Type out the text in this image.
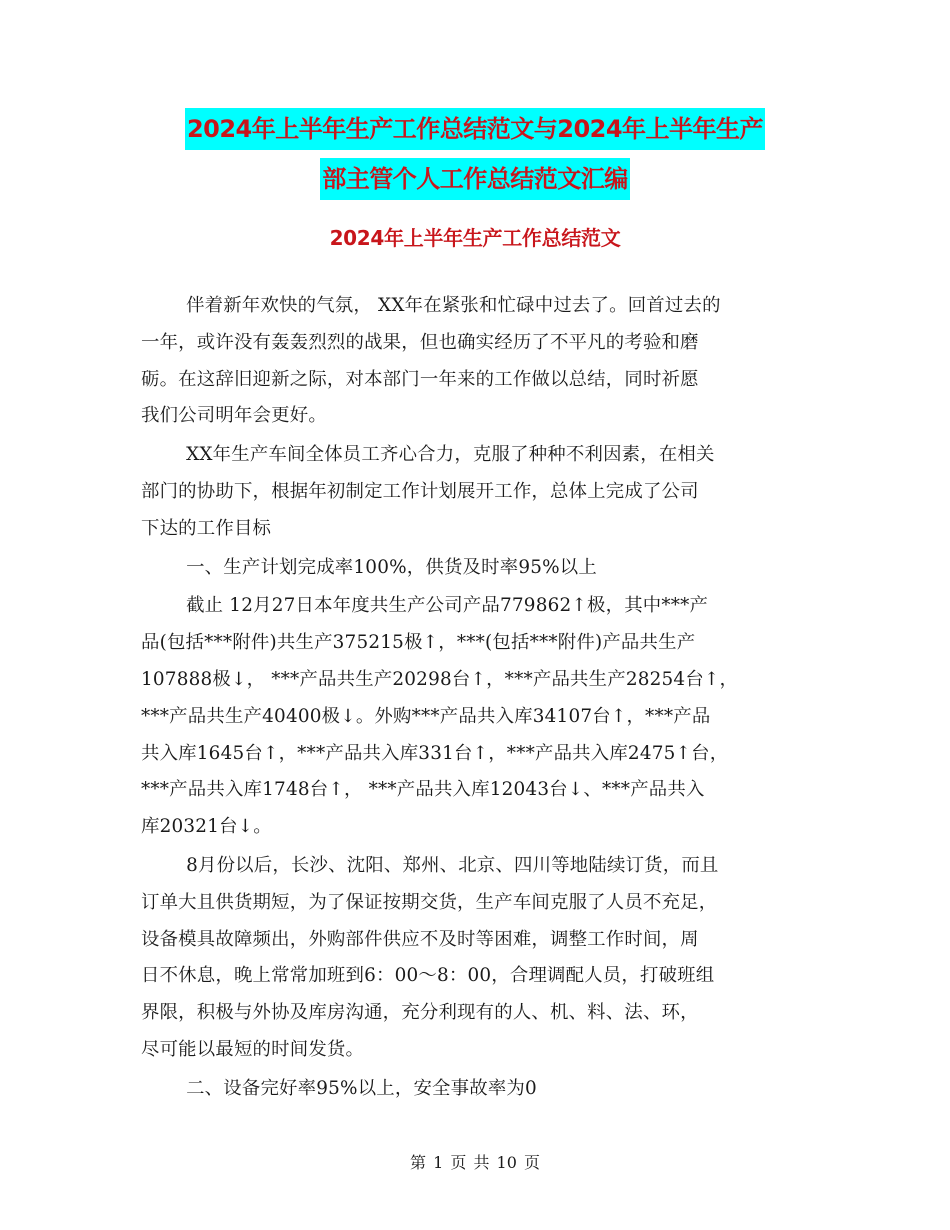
2024年上半年生产工作总结范文与2024年上半年生产
部主管个人工作总结范文汇编
2024年上半年生产工作总结范文

伴着新年欢快的气氛， XX年在紧张和忙碌中过去了。回首过去的
一年，或许没有轰轰烈烈的战果，但也确实经历了不平凡的考验和磨
砺。在这辞旧迎新之际，对本部门一年来的工作做以总结，同时祈愿
我们公司明年会更好。

XX年生产车间全体员工齐心合力，克服了种种不利因素，在相关
部门的协助下，根据年初制定工作计划展开工作，总体上完成了公司
下达的工作目标

一、生产计划完成率100%，供货及时率95%以上

截止 12月27日本年度共生产公司产品779862↑极，其中***产
品(包括***附件)共生产375215极↑，***(包括***附件)产品共生产
107888极↓， ***产品共生产20298台↑，***产品共生产28254台↑，
***产品共生产40400极↓。外购***产品共入库34107台↑，***产品
共入库1645台↑，***产品共入库331台↑，***产品共入库2475↑台，
***产品共入库1748台↑， ***产品共入库12043台↓、***产品共入
库20321台↓。

8月份以后，长沙、沈阳、郑州、北京、四川等地陆续订货，而且
订单大且供货期短，为了保证按期交货，生产车间克服了人员不充足，
设备模具故障频出，外购部件供应不及时等困难，调整工作时间，周
日不休息，晚上常常加班到6：00～8：00，合理调配人员，打破班组
界限，积极与外协及库房沟通，充分利现有的人、机、料、法、环，
尽可能以最短的时间发货。

二、设备完好率95%以上，安全事故率为0

第 1 页 共 10 页
